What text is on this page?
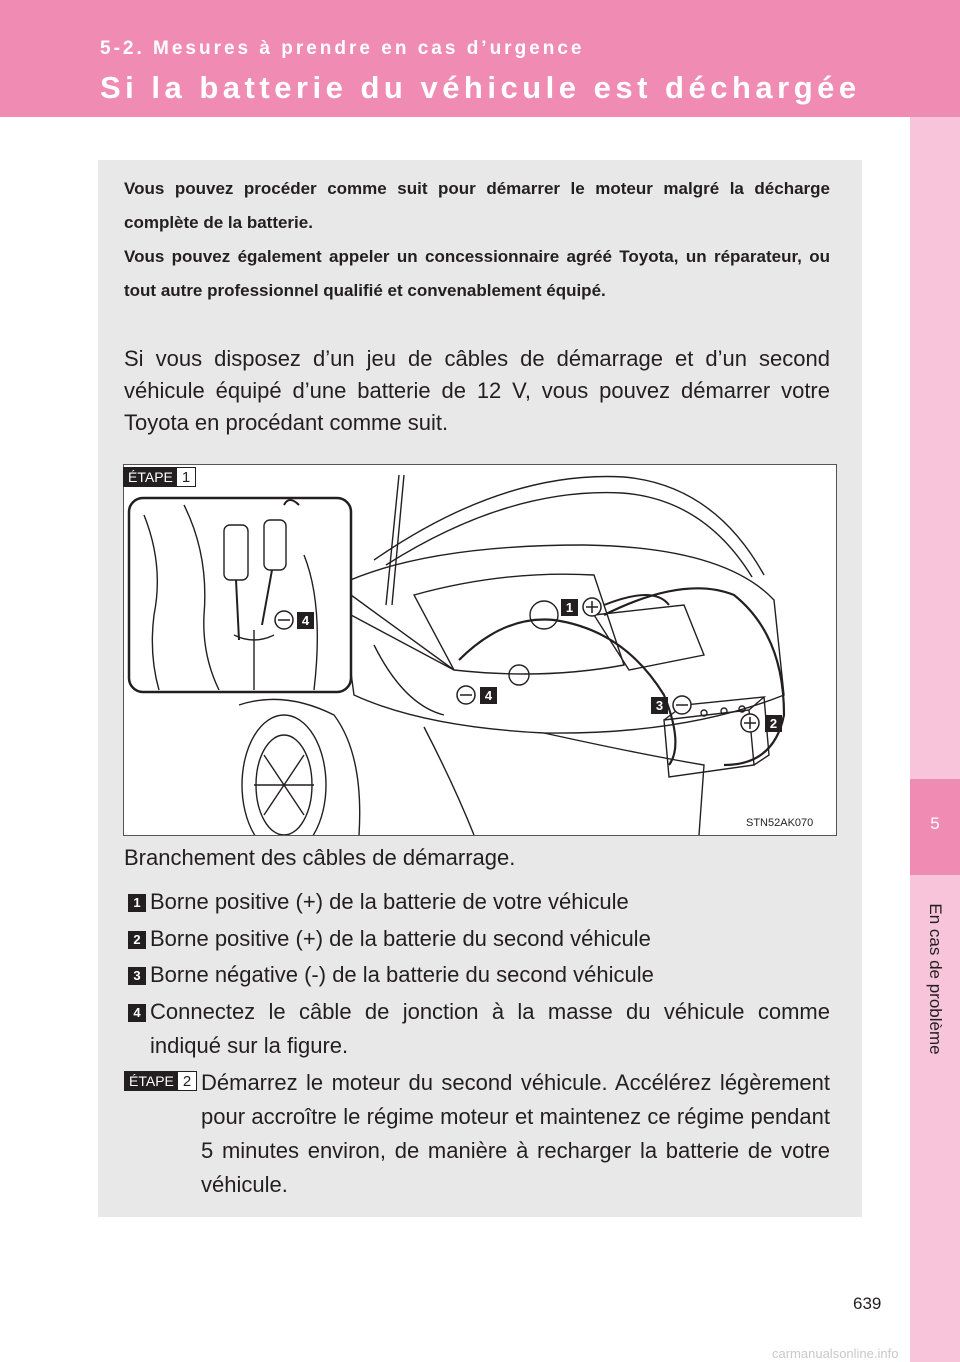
5-2. Mesures à prendre en cas d’urgence
Si la batterie du véhicule est déchargée
5
En cas de problème

Vous pouvez procéder comme suit pour démarrer le moteur malgré la décharge complète de la batterie.

Vous pouvez également appeler un concessionnaire agréé Toyota, un réparateur, ou tout autre professionnel qualifié et convenablement équipé.

Si vous disposez d’un jeu de câbles de démarrage et d’un second véhicule équipé d’une batterie de 12 V, vous pouvez démarrer votre Toyota en procédant comme suit.

4
1
4
3
2
ÉTAPE 1
STN52AK070
Branchement des câbles de démarrage.
1 Borne positive (+) de la batterie de votre véhicule
2 Borne positive (+) de la batterie du second véhicule
3 Borne négative (-) de la batterie du second véhicule
4 Connectez le câble de jonction à la masse du véhicule comme indiqué sur la figure.
ÉTAPE 2 Démarrez le moteur du second véhicule. Accélérez légèrement pour accroître le régime moteur et maintenez ce régime pendant 5 minutes environ, de manière à recharger la batterie de votre véhicule.

639
carmanualsonline.info
